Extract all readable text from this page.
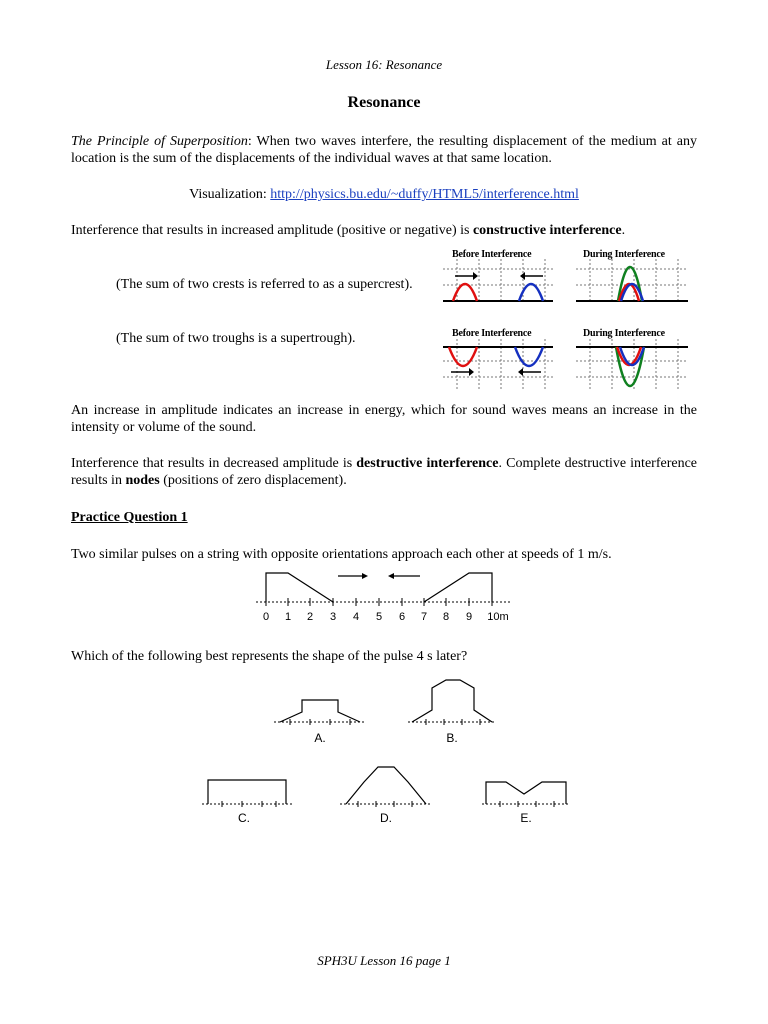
Lesson 16: Resonance
Resonance
The Principle of Superposition: When two waves interfere, the resulting displacement of the medium at any location is the sum of the displacements of the individual waves at that same location.
Visualization: http://physics.bu.edu/~duffy/HTML5/interference.html
Interference that results in increased amplitude (positive or negative) is constructive interference.
(The sum of two crests is referred to as a supercrest).
(The sum of two troughs is a supertrough).
Before Interference	During Interference
Before Interference	During Interference
An increase in amplitude indicates an increase in energy, which for sound waves means an increase in the intensity or volume of the sound.
Interference that results in decreased amplitude is destructive interference. Complete destructive interference results in nodes (positions of zero displacement).
Practice Question 1
Two similar pulses on a string with opposite orientations approach each other at speeds of 1 m/s.
0 1 2 3 4 5 6 7 8 9 10m
Which of the following best represents the shape of the pulse 4 s later?
A.	B.
C.	D.	E.
SPH3U Lesson 16 page 1
